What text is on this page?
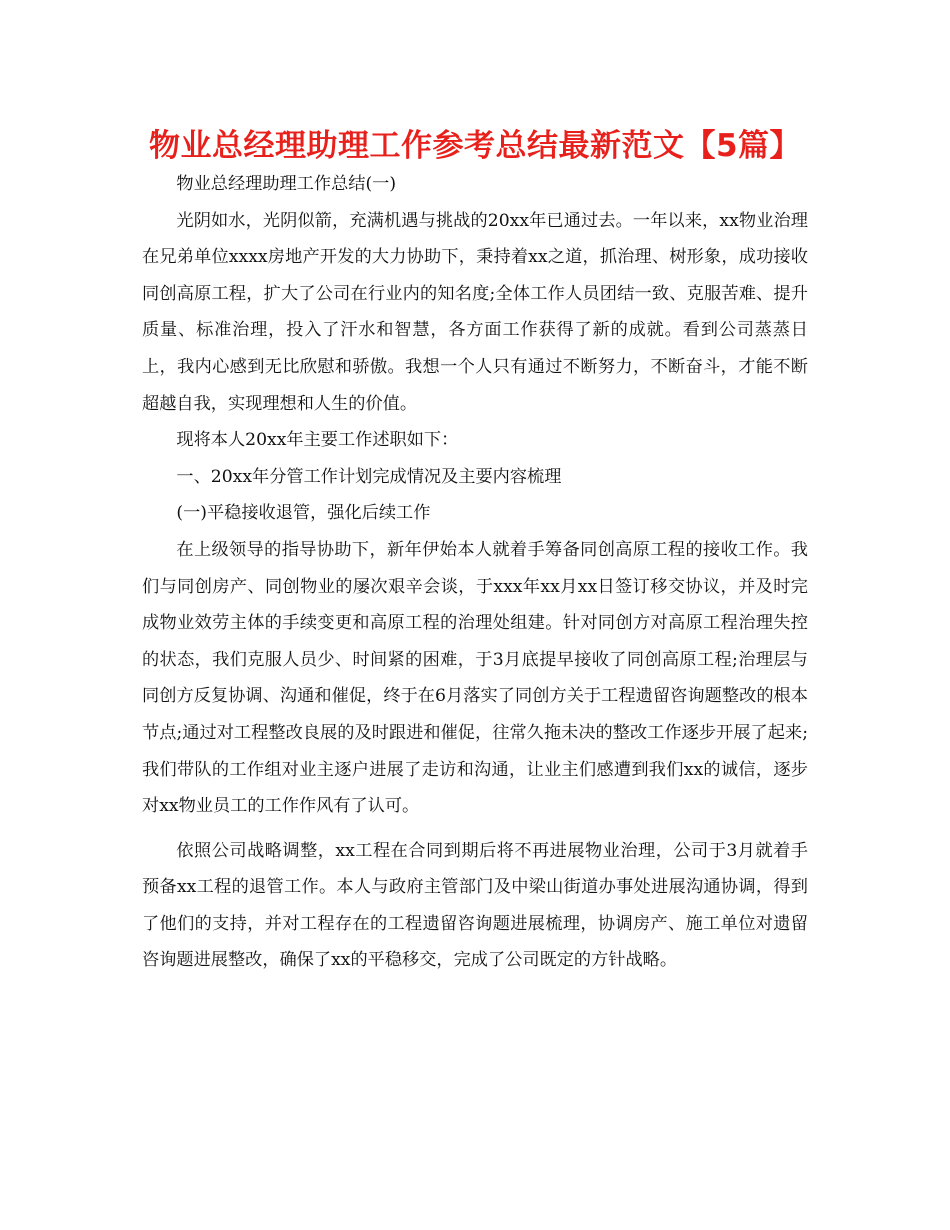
物业总经理助理工作参考总结最新范文【5篇】

物业总经理助理工作总结(一)

光阴如水，光阴似箭，充满机遇与挑战的20xx年已通过去。一年以来，xx物业治理在兄弟单位xxxx房地产开发的大力协助下，秉持着xx之道，抓治理、树形象，成功接收同创高原工程，扩大了公司在行业内的知名度;全体工作人员团结一致、克服苦难、提升质量、标准治理，投入了汗水和智慧，各方面工作获得了新的成就。看到公司蒸蒸日上，我内心感到无比欣慰和骄傲。我想一个人只有通过不断努力，不断奋斗，才能不断超越自我，实现理想和人生的价值。

现将本人20xx年主要工作述职如下：

一、20xx年分管工作计划完成情况及主要内容梳理

(一)平稳接收退管，强化后续工作

在上级领导的指导协助下，新年伊始本人就着手筹备同创高原工程的接收工作。我们与同创房产、同创物业的屡次艰辛会谈，于xxx年xx月xx日签订移交协议，并及时完成物业效劳主体的手续变更和高原工程的治理处组建。针对同创方对高原工程治理失控的状态，我们克服人员少、时间紧的困难，于3月底提早接收了同创高原工程;治理层与同创方反复协调、沟通和催促，终于在6月落实了同创方关于工程遗留咨询题整改的根本节点;通过对工程整改良展的及时跟进和催促，往常久拖未决的整改工作逐步开展了起来;我们带队的工作组对业主逐户进展了走访和沟通，让业主们感遭到我们xx的诚信，逐步对xx物业员工的工作作风有了认可。

依照公司战略调整，xx工程在合同到期后将不再进展物业治理，公司于3月就着手预备xx工程的退管工作。本人与政府主管部门及中梁山街道办事处进展沟通协调，得到了他们的支持，并对工程存在的工程遗留咨询题进展梳理，协调房产、施工单位对遗留咨询题进展整改，确保了xx的平稳移交，完成了公司既定的方针战略。
